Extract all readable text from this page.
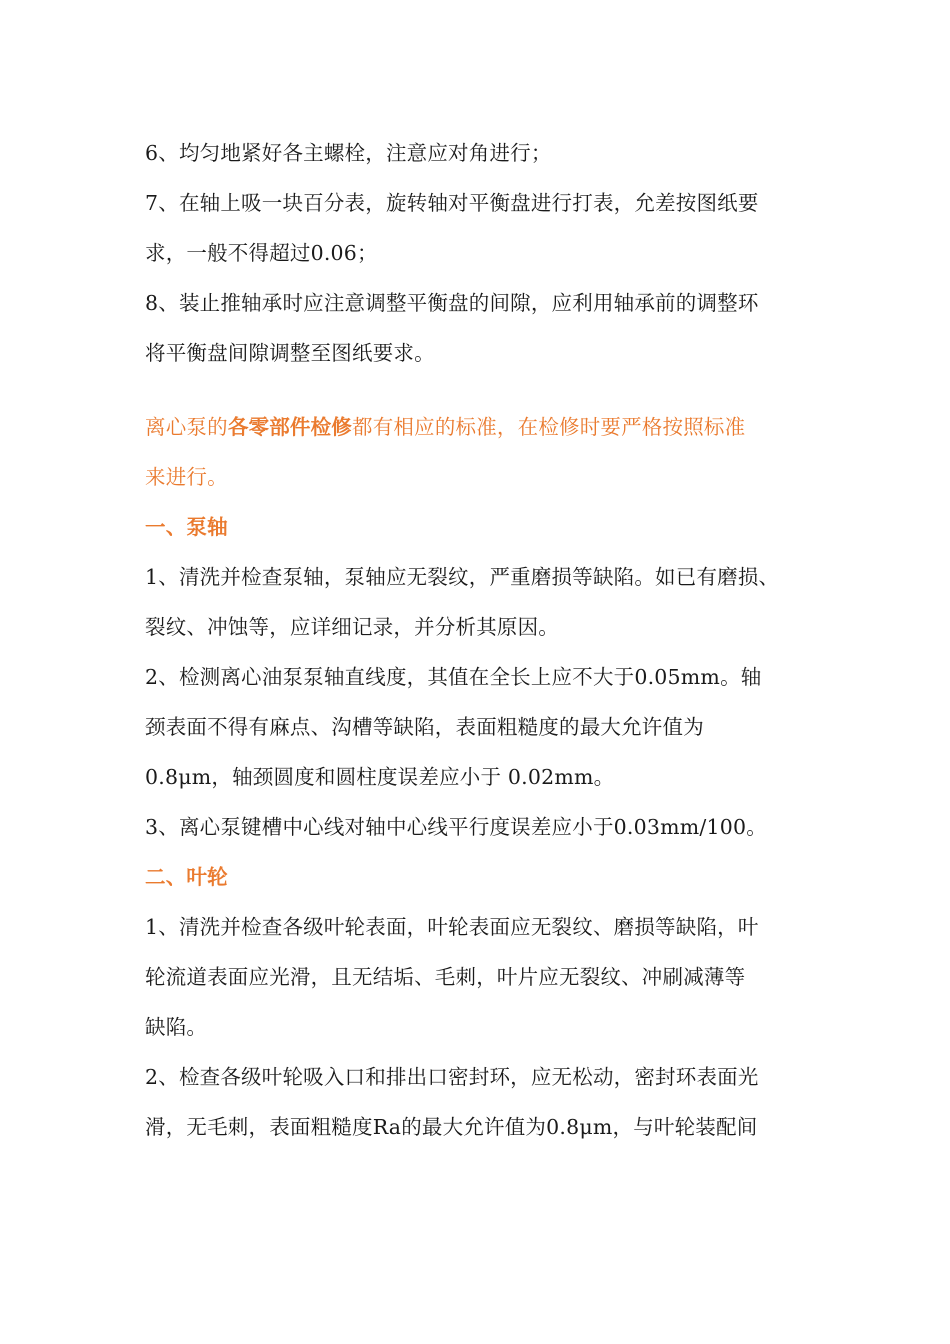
6、均匀地紧好各主螺栓，注意应对角进行；
7、在轴上吸一块百分表，旋转轴对平衡盘进行打表，允差按图纸要
求，一般不得超过0.06；
8、装止推轴承时应注意调整平衡盘的间隙，应利用轴承前的调整环
将平衡盘间隙调整至图纸要求。
离心泵的各零部件检修都有相应的标准，在检修时要严格按照标准
来进行。
一、泵轴
1、清洗并检查泵轴，泵轴应无裂纹，严重磨损等缺陷。如已有磨损、
裂纹、冲蚀等，应详细记录，并分析其原因。
2、检测离心油泵泵轴直线度，其值在全长上应不大于0.05mm。轴
颈表面不得有麻点、沟槽等缺陷，表面粗糙度的最大允许值为
0.8μm，轴颈圆度和圆柱度误差应小于 0.02mm。
3、离心泵键槽中心线对轴中心线平行度误差应小于0.03mm/100。
二、叶轮
1、清洗并检查各级叶轮表面，叶轮表面应无裂纹、磨损等缺陷，叶
轮流道表面应光滑，且无结垢、毛刺，叶片应无裂纹、冲刷减薄等
缺陷。
2、检查各级叶轮吸入口和排出口密封环，应无松动，密封环表面光
滑，无毛刺，表面粗糙度Ra的最大允许值为0.8μm，与叶轮装配间
